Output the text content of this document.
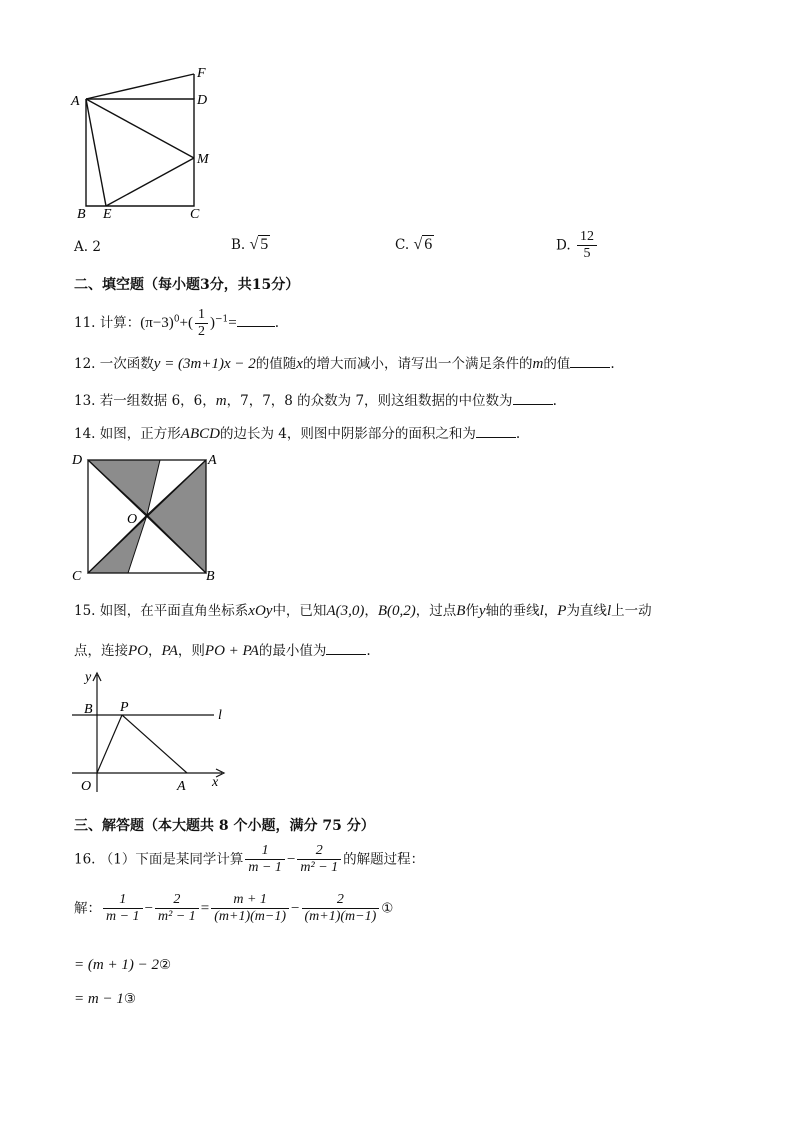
F
A	D
M
B E	C
A. 2	B. √ 5	C. √ 6	D. $\frac{12}{5}$
二、填空题（每小题3分，共15分）
11. 计算：$(\pi-3)^0+( \frac{1}{2} )^{-1}=$	.
12. 一次函数y = (3m+1)x − 2的值随x的增大而减小，请写出一个满足条件的m的值	.
13. 若一组数据 6，6，m，7，7，8 的众数为 7，则这组数据的中位数为	.
14. 如图，正方形ABCD的边长为 4，则图中阴影部分的面积之和为	.
D	A
O
C	B
15. 如图，在平面直角坐标系xOy中，已知A(3,0)，B(0,2)，过点B作y轴的垂线l，P为直线l上一动
点，连接PO，PA，则PO + PA的最小值为	.
y
B P
l
O	A x
三、解答题（本大题共 8 个小题，满分 75 分）
16. （1）下面是某同学计算 $\frac{1}{m - 1} - \frac{2}{\text{m² − 1}}$ 的解题过程：
解： $\frac{1}{m - 1} - \frac{2}{\text{m² − 1}} = \frac{m + 1}{(m+1)(m-1)} - \frac{2}{(m+1)(m-1)}$ ①
= (m + 1) − 2②
= m − 1③
